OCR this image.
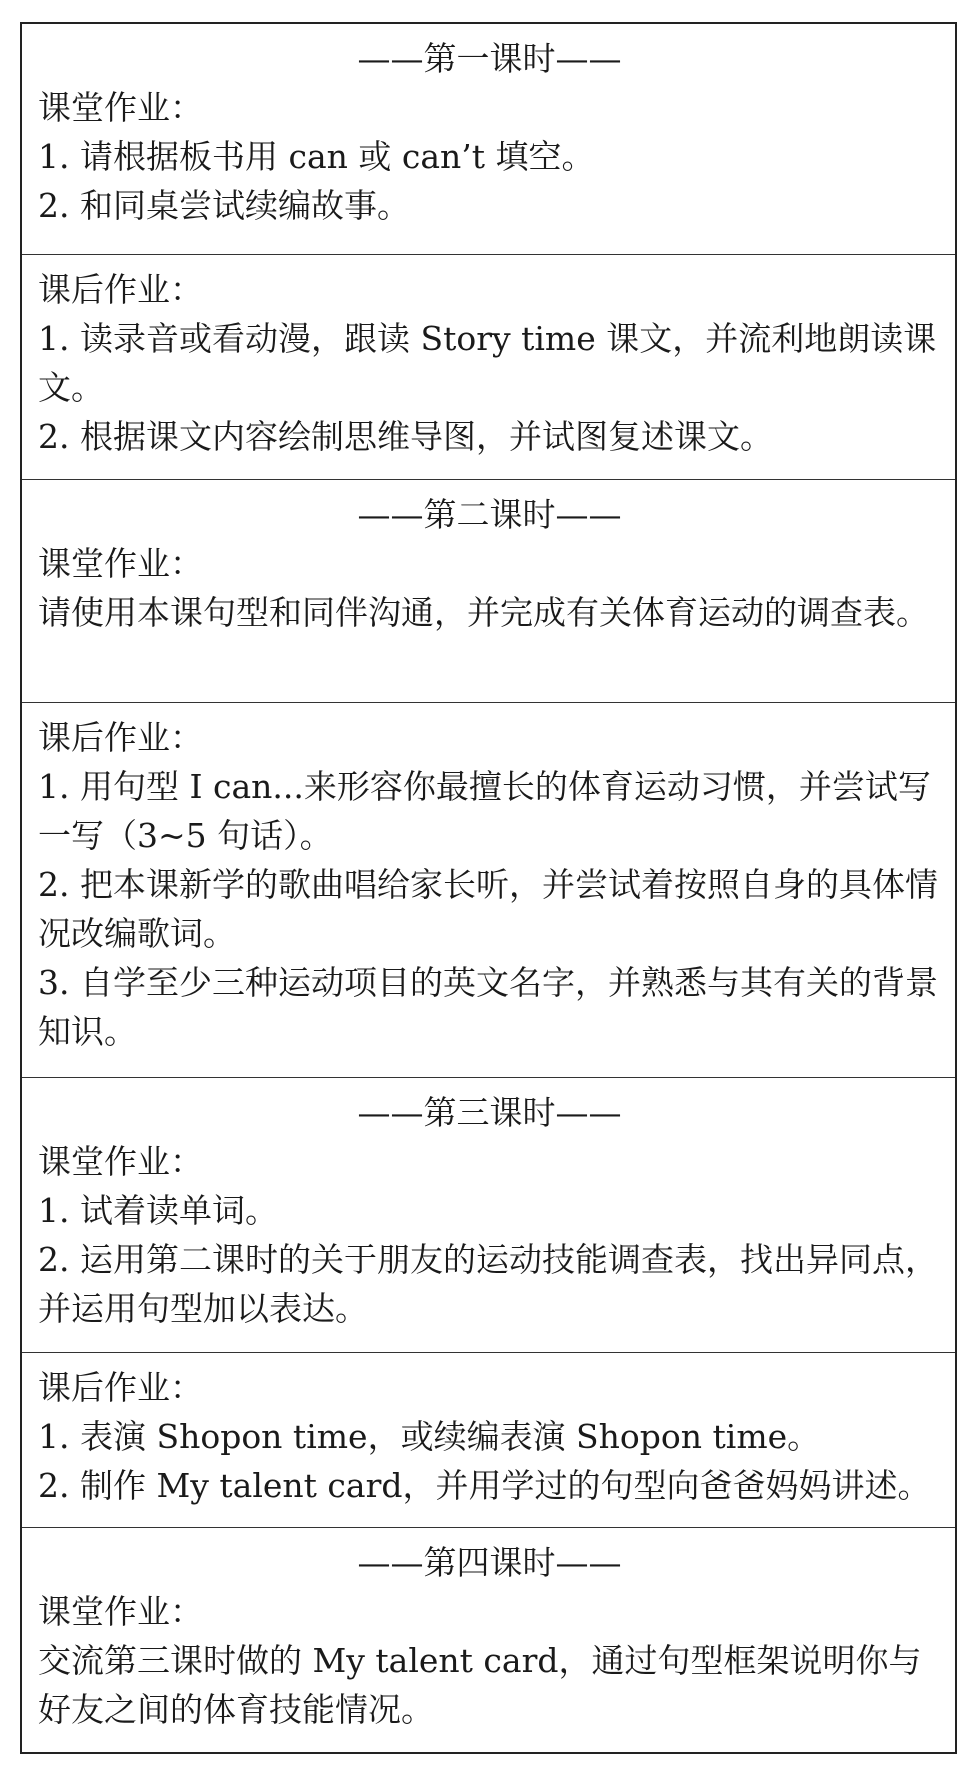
——第一课时——

课堂作业：

1. 请根据板书用 can 或 can’t 填空。

2. 和同桌尝试续编故事。

课后作业：

1. 读录音或看动漫，跟读 Story time 课文，并流利地朗读课文。

2. 根据课文内容绘制思维导图，并试图复述课文。

——第二课时——

课堂作业：

请使用本课句型和同伴沟通，并完成有关体育运动的调查表。

课后作业：

1. 用句型 I can...来形容你最擅长的体育运动习惯，并尝试写一写（3~5 句话）。

2. 把本课新学的歌曲唱给家长听，并尝试着按照自身的具体情况改编歌词。

3. 自学至少三种运动项目的英文名字，并熟悉与其有关的背景知识。

——第三课时——

课堂作业：

1. 试着读单词。

2. 运用第二课时的关于朋友的运动技能调查表，找出异同点，并运用句型加以表达。

课后作业：

1. 表演 Shopon time，或续编表演 Shopon time。

2. 制作 My talent card，并用学过的句型向爸爸妈妈讲述。

——第四课时——

课堂作业：

交流第三课时做的 My talent card，通过句型框架说明你与好友之间的体育技能情况。
